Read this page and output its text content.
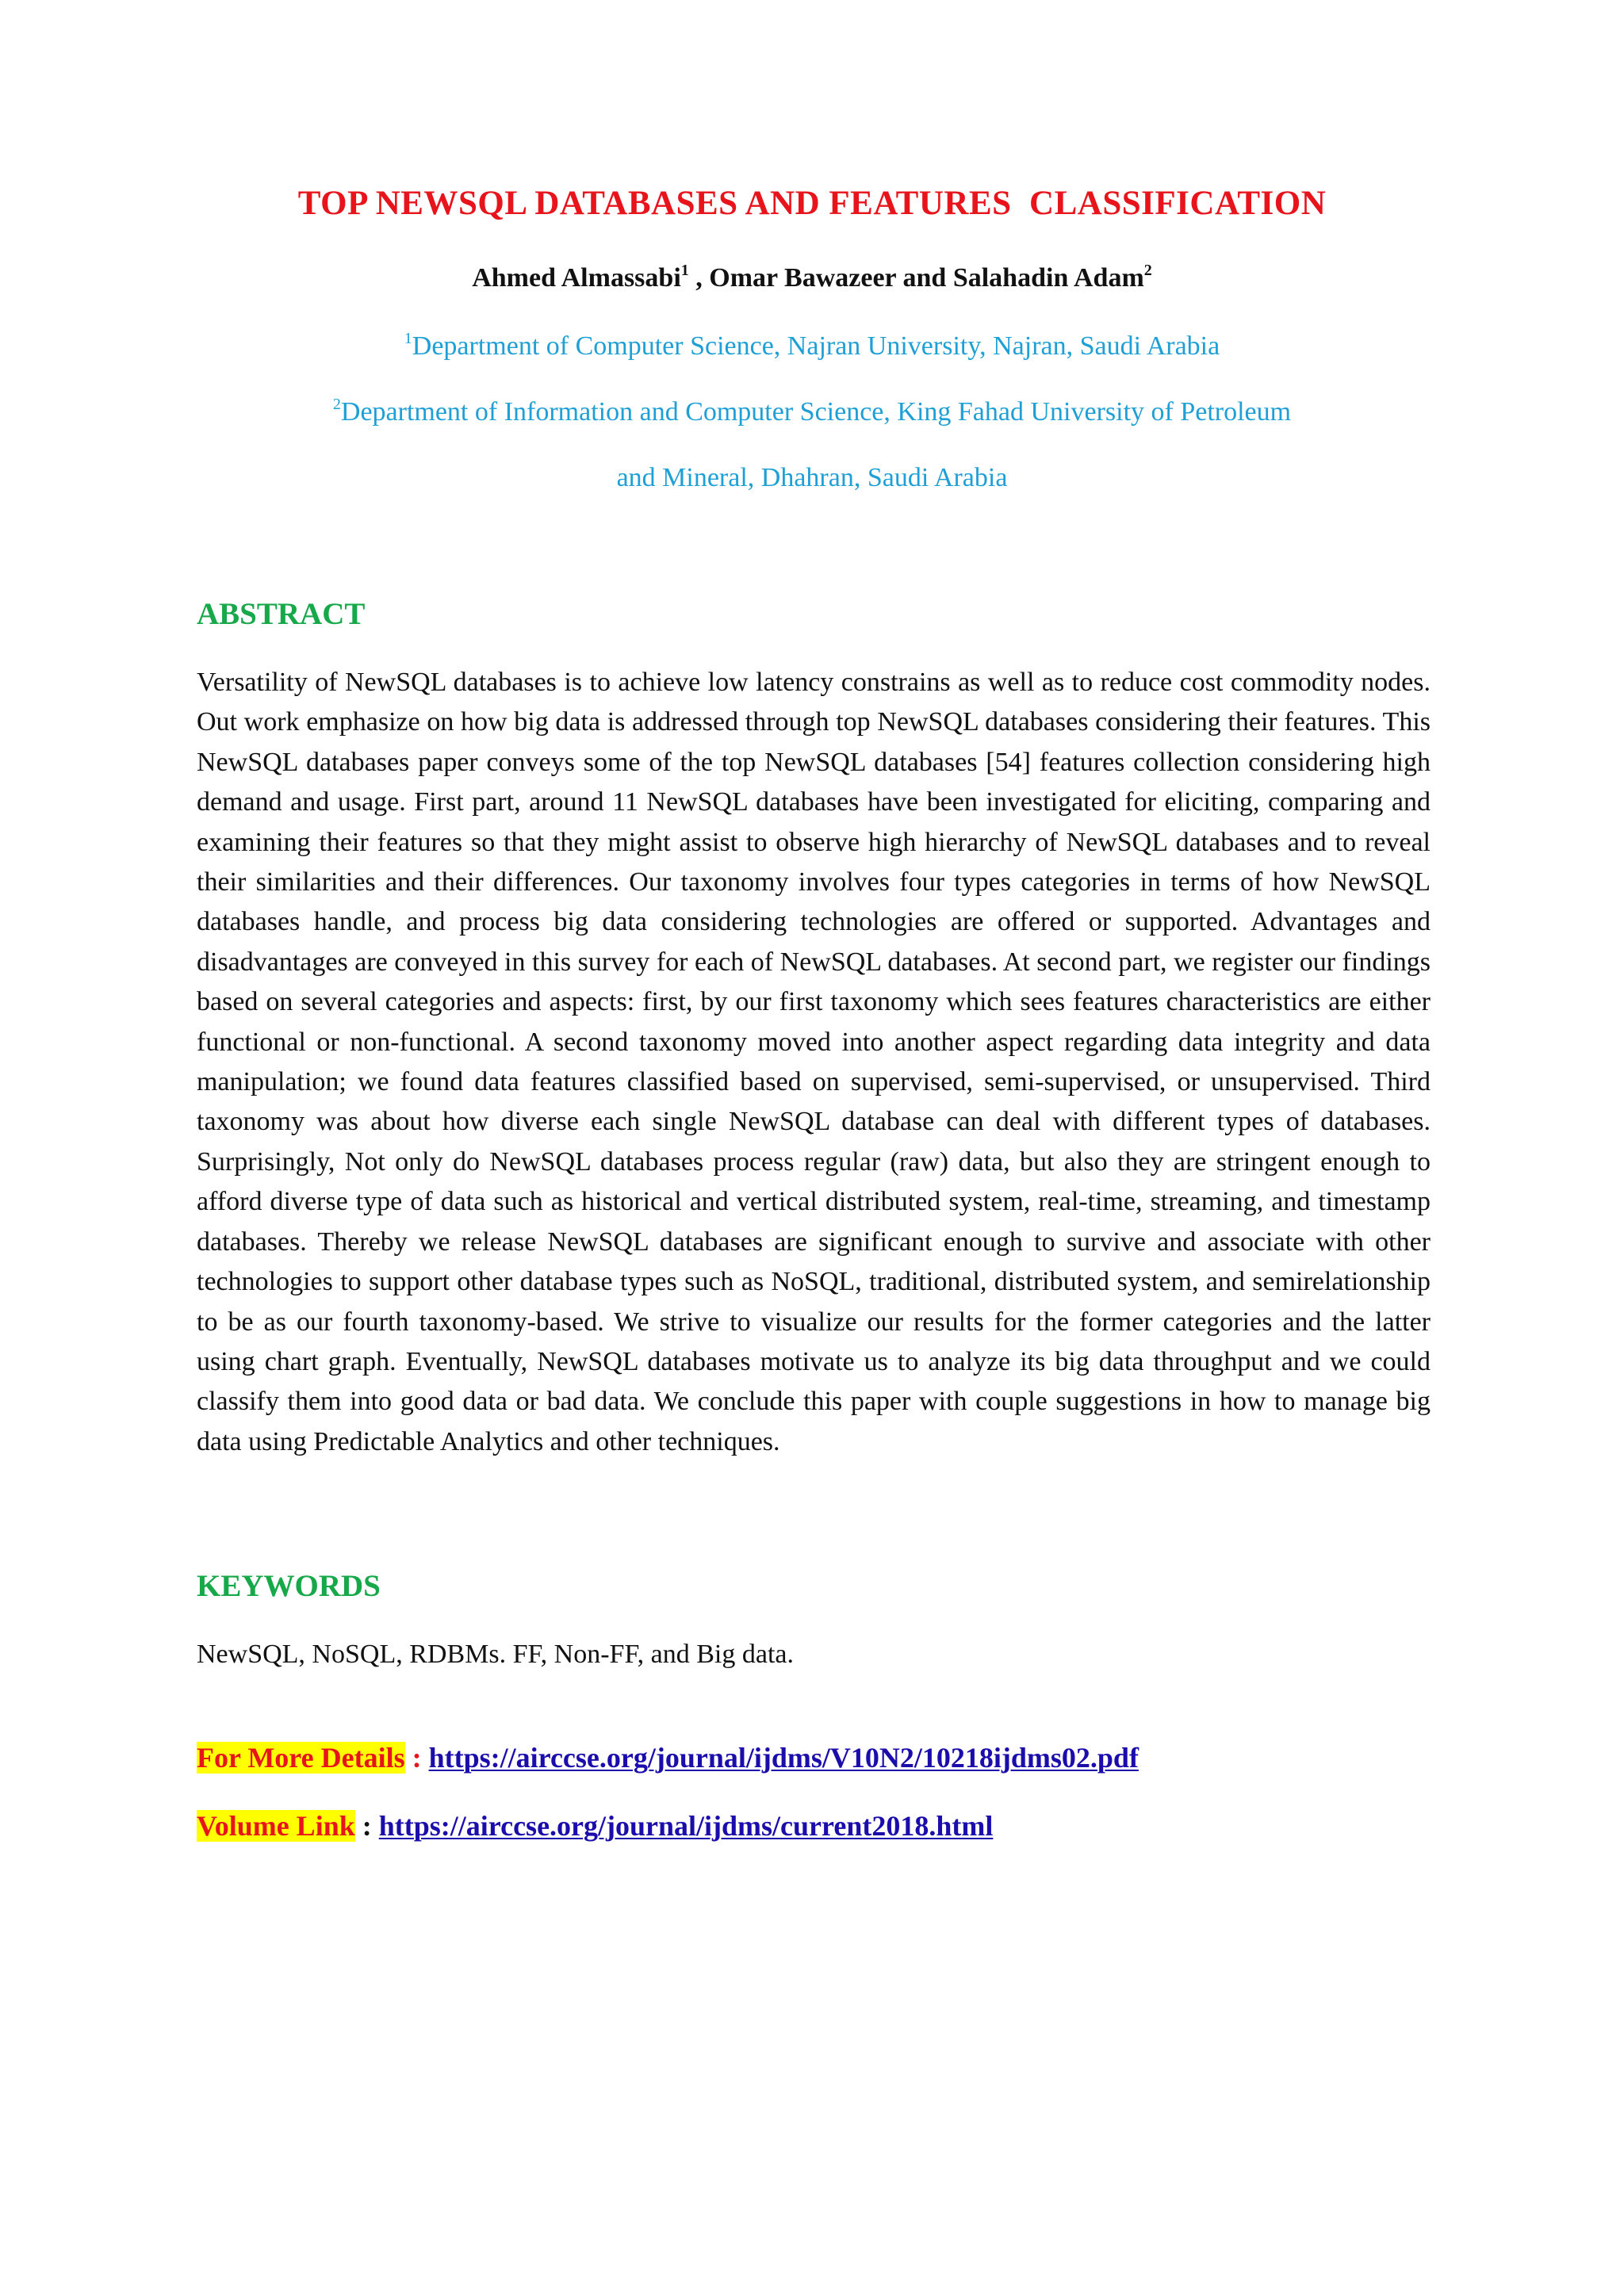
TOP NEWSQL DATABASES AND FEATURES  CLASSIFICATION
Ahmed Almassabi$^1$ , Omar Bawazeer and Salahadin Adam$^2$
$^1$Department of Computer Science, Najran University, Najran, Saudi Arabia
$^2$Department of Information and Computer Science, King Fahad University of Petroleum
and Mineral, Dhahran, Saudi Arabia
ABSTRACT
Versatility of NewSQL databases is to achieve low latency constrains as well as to reduce cost commodity nodes. Out work emphasize on how big data is addressed through top NewSQL databases considering their features. This NewSQL databases paper conveys some of the top NewSQL databases [54] features collection considering high demand and usage. First part, around 11 NewSQL databases have been investigated for eliciting, comparing and examining their features so that they might assist to observe high hierarchy of NewSQL databases and to reveal their similarities and their differences. Our taxonomy involves four types categories in terms of how NewSQL databases handle, and process big data considering technologies are offered or supported. Advantages and disadvantages are conveyed in this survey for each of NewSQL databases. At second part, we register our findings based on several categories and aspects: first, by our first taxonomy which sees features characteristics are either functional or non-functional. A second taxonomy moved into another aspect regarding data integrity and data manipulation; we found data features classified based on supervised, semi-supervised, or unsupervised. Third taxonomy was about how diverse each single NewSQL database can deal with different types of databases. Surprisingly, Not only do NewSQL databases process regular (raw) data, but also they are stringent enough to afford diverse type of data such as historical and vertical distributed system, real-time, streaming, and timestamp databases. Thereby we release NewSQL databases are significant enough to survive and associate with other technologies to support other database types such as NoSQL, traditional, distributed system, and semirelationship to be as our fourth taxonomy-based. We strive to visualize our results for the former categories and the latter using chart graph. Eventually, NewSQL databases motivate us to analyze its big data throughput and we could classify them into good data or bad data. We conclude this paper with couple suggestions in how to manage big data using Predictable Analytics and other techniques.
KEYWORDS
NewSQL, NoSQL, RDBMs. FF, Non-FF, and Big data.
For More Details : https://airccse.org/journal/ijdms/V10N2/10218ijdms02.pdf
Volume Link : https://airccse.org/journal/ijdms/current2018.html
